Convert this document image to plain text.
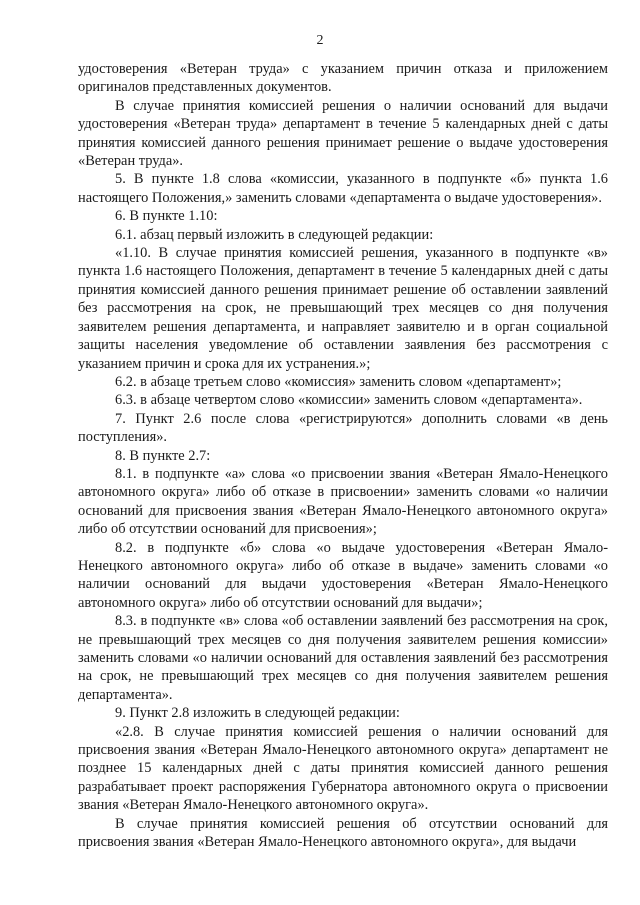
2

удостоверения «Ветеран труда» с указанием причин отказа и приложением оригиналов представленных документов.

В случае принятия комиссией решения о наличии оснований для выдачи удостоверения «Ветеран труда» департамент в течение 5 календарных дней с даты принятия комиссией данного решения принимает решение о выдаче удостоверения «Ветеран труда».

5. В пункте 1.8 слова «комиссии, указанного в подпункте «б» пункта 1.6 настоящего Положения,» заменить словами «департамента о выдаче удостоверения».

6. В пункте 1.10:

6.1. абзац первый изложить в следующей редакции:

«1.10. В случае принятия комиссией решения, указанного в подпункте «в» пункта 1.6 настоящего Положения, департамент в течение 5 календарных дней с даты принятия комиссией данного решения принимает решение об оставлении заявлений без рассмотрения на срок, не превышающий трех месяцев со дня получения заявителем решения департамента, и направляет заявителю и в орган социальной защиты населения уведомление об оставлении заявления без рассмотрения с указанием причин и срока для их устранения.»;

6.2. в абзаце третьем слово «комиссия» заменить словом «департамент»;

6.3. в абзаце четвертом слово «комиссии» заменить словом «департамента».

7. Пункт 2.6 после слова «регистрируются» дополнить словами «в день поступления».

8. В пункте 2.7:

8.1. в подпункте «а» слова «о присвоении звания «Ветеран Ямало-Ненецкого автономного округа» либо об отказе в присвоении» заменить словами «о наличии оснований для присвоения звания «Ветеран Ямало-Ненецкого автономного округа» либо об отсутствии оснований для присвоения»;

8.2. в подпункте «б» слова «о выдаче удостоверения «Ветеран Ямало-Ненецкого автономного округа» либо об отказе в выдаче» заменить словами «о наличии оснований для выдачи удостоверения «Ветеран Ямало-Ненецкого автономного округа» либо об отсутствии оснований для выдачи»;

8.3. в подпункте «в» слова «об оставлении заявлений без рассмотрения на срок, не превышающий трех месяцев со дня получения заявителем решения комиссии» заменить словами «о наличии оснований для оставления заявлений без рассмотрения на срок, не превышающий трех месяцев со дня получения заявителем решения департамента».

9. Пункт 2.8 изложить в следующей редакции:

«2.8. В случае принятия комиссией решения о наличии оснований для присвоения звания «Ветеран Ямало-Ненецкого автономного округа» департамент не позднее 15 календарных дней с даты принятия комиссией данного решения разрабатывает проект распоряжения Губернатора автономного округа о присвоении звания «Ветеран Ямало-Ненецкого автономного округа».

В случае принятия комиссией решения об отсутствии оснований для присвоения звания «Ветеран Ямало-Ненецкого автономного округа», для выдачи
